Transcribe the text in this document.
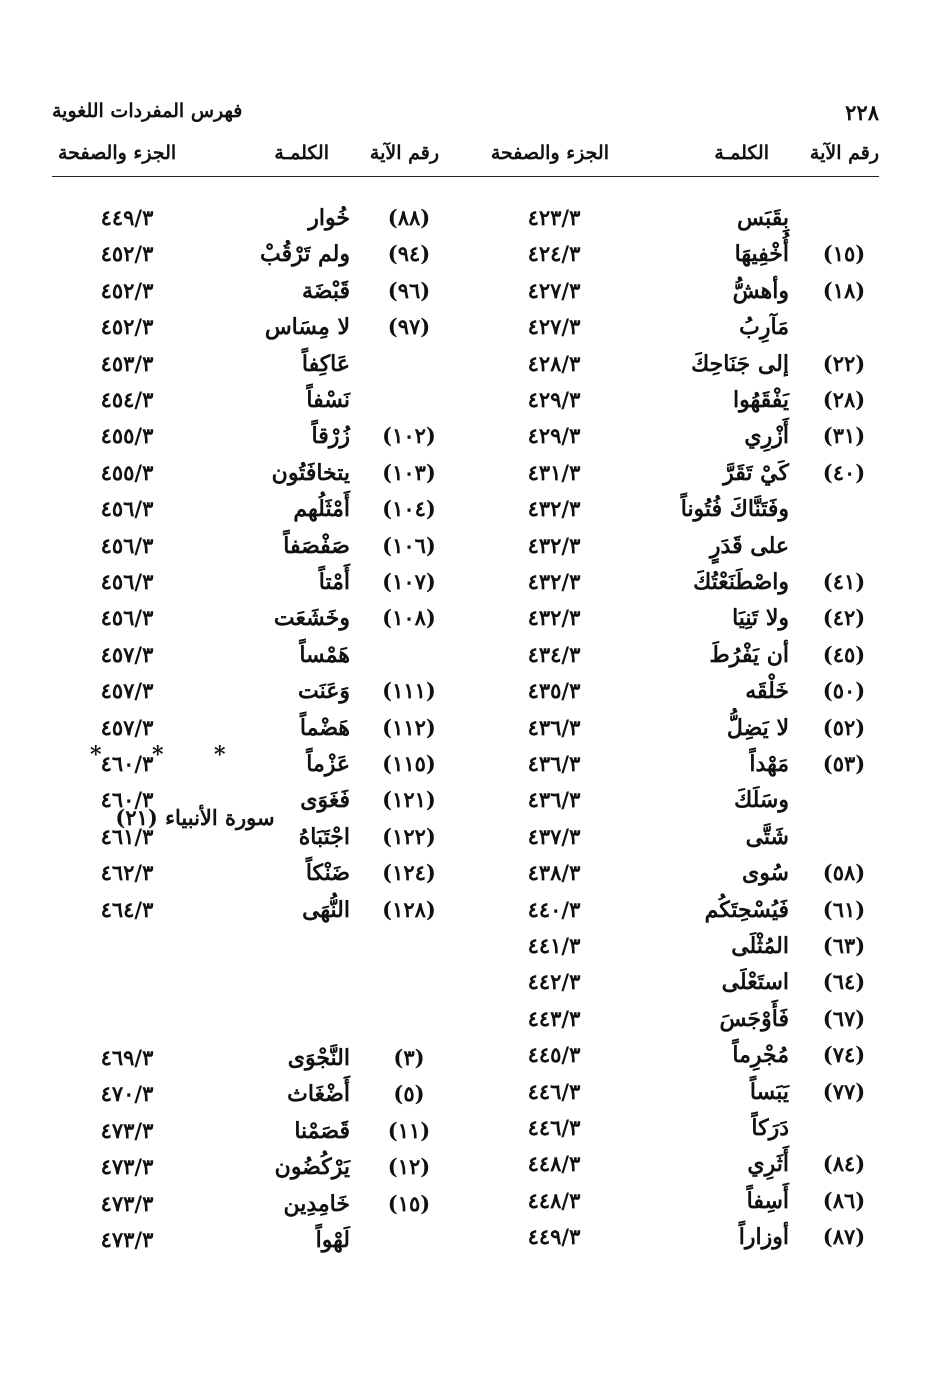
٢٢٨
فهرس المفردات اللغوية
رقم الآية
الكلمـة
الجزء والصفحة
رقم الآية
الكلمـة
الجزء والصفحة
بِقَبَس
٤٢٣/٣
(١٥)
أُخْفِيهَا
٤٢٤/٣
(١٨)
وأهشُّ
٤٢٧/٣
مَآرِبُ
٤٢٧/٣
(٢٢)
إلى جَنَاحِكَ
٤٢٨/٣
(٢٨)
يَفْقَهُوا
٤٢٩/٣
(٣١)
أَزْرِي
٤٢٩/٣
(٤٠)
كَيْ تَقَرَّ
٤٣١/٣
وفَتَنَّاكَ فُتُوناً
٤٣٢/٣
على قَدَرٍ
٤٣٢/٣
(٤١)
واصْطَنَعْتُكَ
٤٣٢/٣
(٤٢)
ولا تَنِيَا
٤٣٢/٣
(٤٥)
أن يَفْرُطَ
٤٣٤/٣
(٥٠)
خَلْقَه
٤٣٥/٣
(٥٢)
لا يَضِلُّ
٤٣٦/٣
(٥٣)
مَهْداً
٤٣٦/٣
وسَلَكَ
٤٣٦/٣
شَتَّى
٤٣٧/٣
(٥٨)
سُوى
٤٣٨/٣
(٦١)
فَيُسْحِتَكُم
٤٤٠/٣
(٦٣)
المُثْلَى
٤٤١/٣
(٦٤)
استَعْلَى
٤٤٢/٣
(٦٧)
فَأَوْجَسَ
٤٤٣/٣
(٧٤)
مُجْرِماً
٤٤٥/٣
(٧٧)
يَبَساً
٤٤٦/٣
دَرَكاً
٤٤٦/٣
(٨٤)
أَثَرِي
٤٤٨/٣
(٨٦)
أَسِفاً
٤٤٨/٣
(٨٧)
أوزاراً
٤٤٩/٣
(٨٨)
خُوار
٤٤٩/٣
(٩٤)
ولم تَرْقُبْ
٤٥٢/٣
(٩٦)
قَبْضَة
٤٥٢/٣
(٩٧)
لا مِسَاس
٤٥٢/٣
عَاكِفاً
٤٥٣/٣
نَسْفاً
٤٥٤/٣
(١٠٢)
زُرْقاً
٤٥٥/٣
(١٠٣)
يتخافَتُون
٤٥٥/٣
(١٠٤)
أَمْثَلُهم
٤٥٦/٣
(١٠٦)
صَفْصَفاً
٤٥٦/٣
(١٠٧)
أَمْتاً
٤٥٦/٣
(١٠٨)
وخَشَعَت
٤٥٦/٣
هَمْساً
٤٥٧/٣
(١١١)
وَعَنَت
٤٥٧/٣
(١١٢)
هَضْماً
٤٥٧/٣
(١١٥)
عَزْماً
٤٦٠/٣
(١٢١)
فَغَوَى
٤٦٠/٣
(١٢٢)
اجْتَبَاهُ
٤٦١/٣
(١٢٤)
ضَنْكاً
٤٦٢/٣
(١٢٨)
النُّهَى
٤٦٤/٣
(٣)
النَّجْوَى
٤٦٩/٣
(٥)
أَضْغَاث
٤٧٠/٣
(١١)
قَصَمْنا
٤٧٣/٣
(١٢)
يَرْكُضُون
٤٧٣/٣
(١٥)
خَامِدِين
٤٧٣/٣
لَهْواً
٤٧٣/٣
* * *
سورة الأنبياء (٢١)
